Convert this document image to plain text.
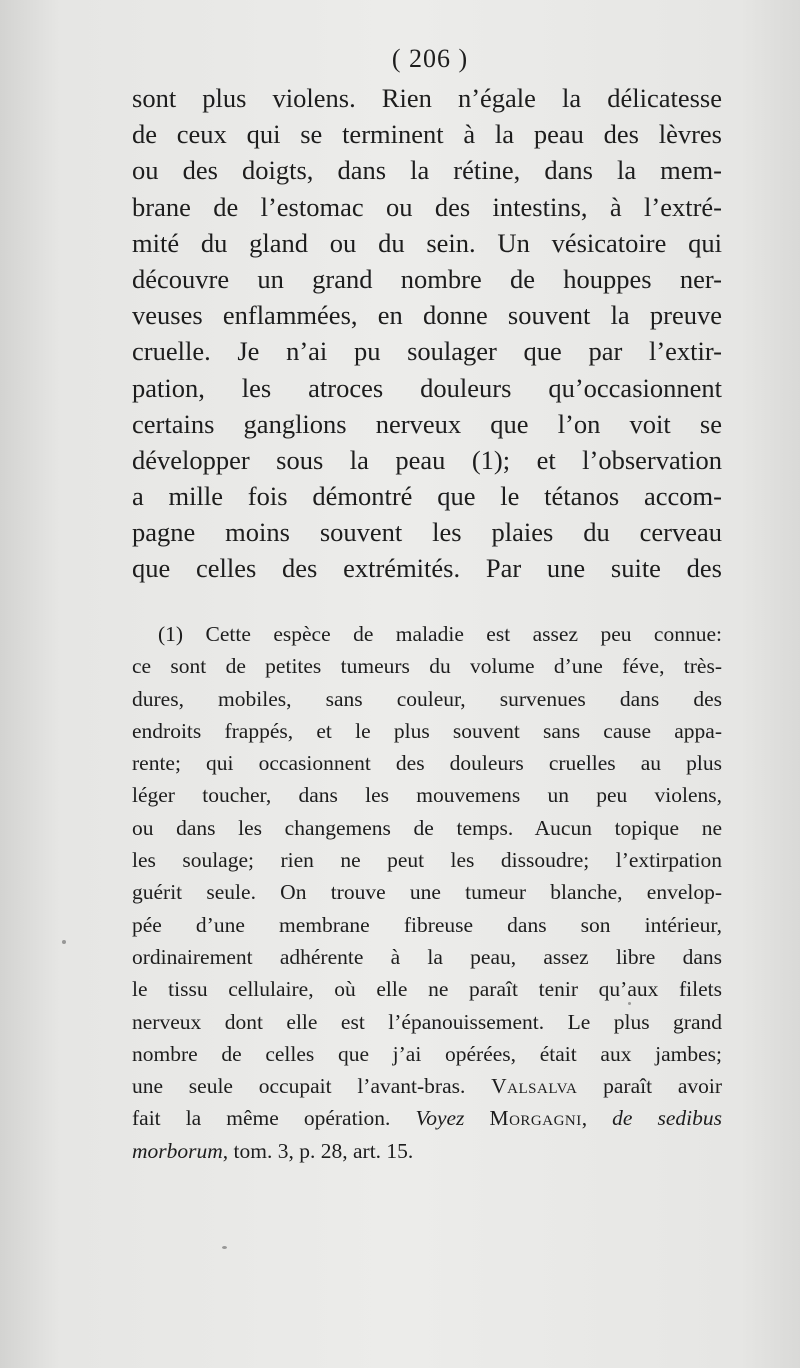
( 206 )
sont plus violens. Rien n’égale la délicatesse
de ceux qui se terminent à la peau des lèvres
ou des doigts, dans la rétine, dans la mem-
brane de l’estomac ou des intestins, à l’extré-
mité du gland ou du sein. Un vésicatoire qui
découvre un grand nombre de houppes ner-
veuses enflammées, en donne souvent la preuve
cruelle. Je n’ai pu soulager que par l’extir-
pation, les atroces douleurs qu’occasionnent
certains ganglions nerveux que l’on voit se
développer sous la peau (1); et l’observation
a mille fois démontré que le tétanos accom-
pagne moins souvent les plaies du cerveau
que celles des extrémités. Par une suite des
(1) Cette espèce de maladie est assez peu connue:
ce sont de petites tumeurs du volume d’une féve, très-
dures, mobiles, sans couleur, survenues dans des
endroits frappés, et le plus souvent sans cause appa-
rente; qui occasionnent des douleurs cruelles au plus
léger toucher, dans les mouvemens un peu violens,
ou dans les changemens de temps. Aucun topique ne
les soulage; rien ne peut les dissoudre; l’extirpation
guérit seule. On trouve une tumeur blanche, envelop-
pée d’une membrane fibreuse dans son intérieur,
ordinairement adhérente à la peau, assez libre dans
le tissu cellulaire, où elle ne paraît tenir qu’aux filets
nerveux dont elle est l’épanouissement. Le plus grand
nombre de celles que j’ai opérées, était aux jambes;
une seule occupait l’avant-bras. Valsalva paraît avoir
fait la même opération. Voyez Morgagni, de sedibus
morborum, tom. 3, p. 28, art. 15.
